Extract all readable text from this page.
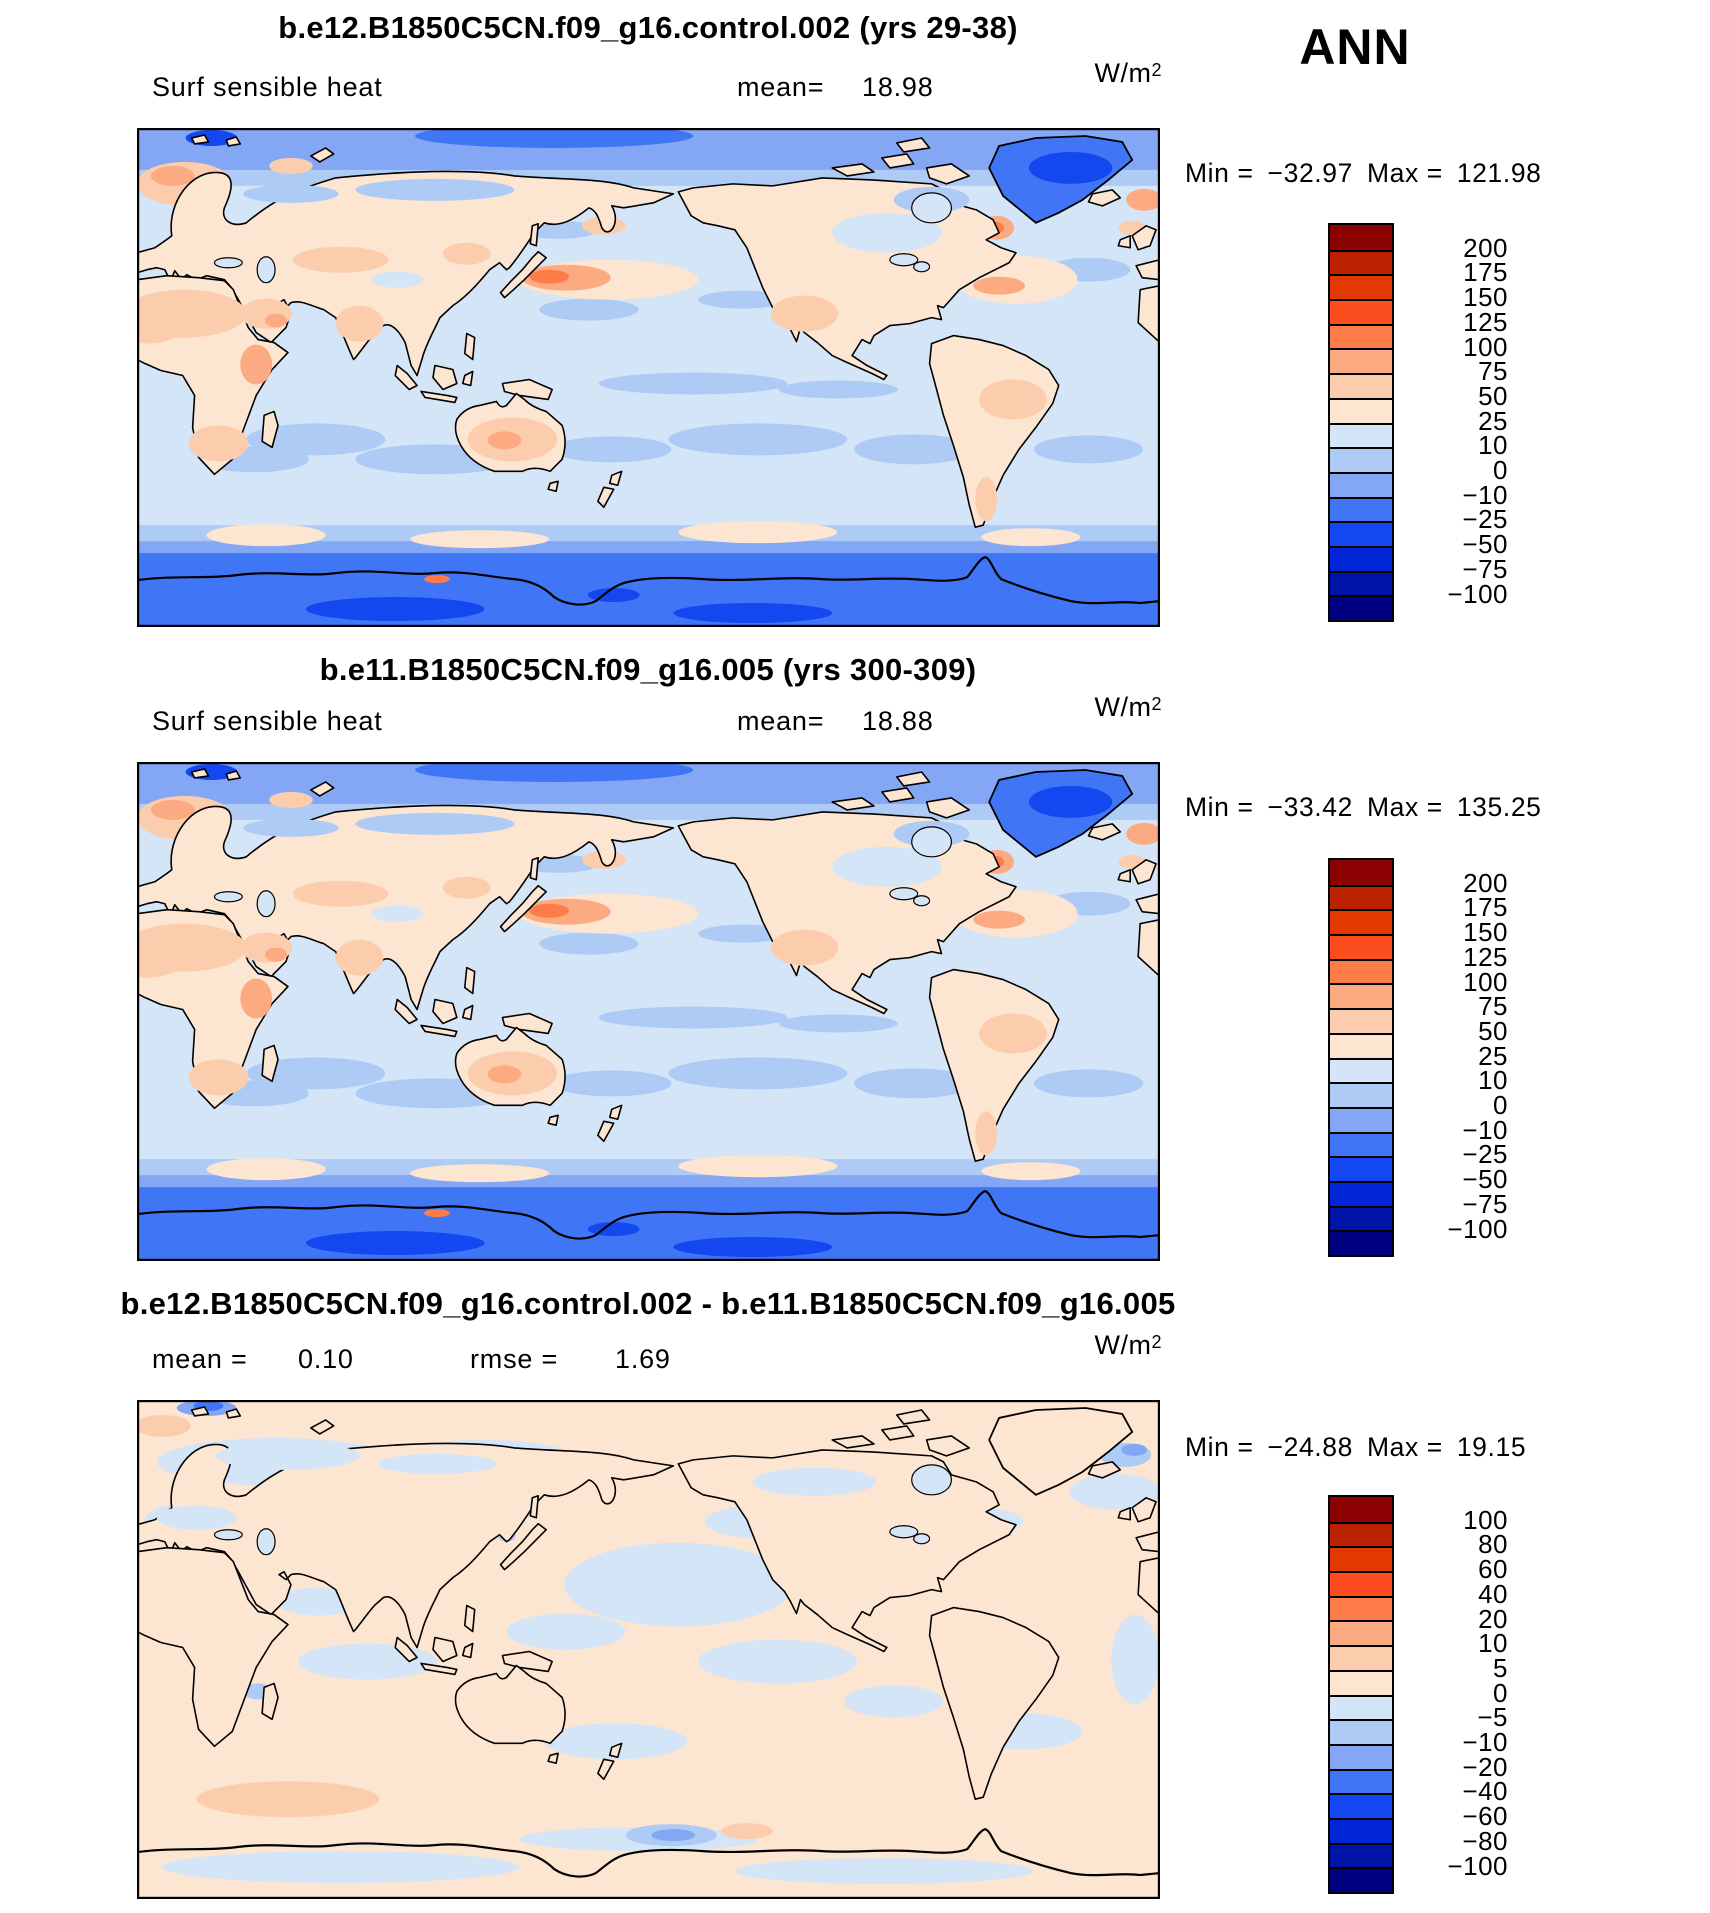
b.e12.B1850C5CN.f09_g16.control.002 (yrs 29-38)	ANN
Surf sensible heat	mean= 18.98	$W/m^2$
Min = −32.97 Max = 121.98
200
175
150
125
100
75
50
25
10
0
−10
−25
−50
−75
−100
b.e11.B1850C5CN.f09_g16.005 (yrs 300-309)
Surf sensible heat	mean= 18.88	$W/m^2$
Min = −33.42 Max = 135.25
200
175
150
125
100
75
50
25
10
0
−10
−25
−50
−75
−100
b.e12.B1850C5CN.f09_g16.control.002 - b.e11.B1850C5CN.f09_g16.005
mean = 0.10	rmse = 1.69	$W/m^2$
Min = −24.88 Max = 19.15
100
80
60
40
20
10
5
0
−5
−10
−20
−40
−60
−80
−100
